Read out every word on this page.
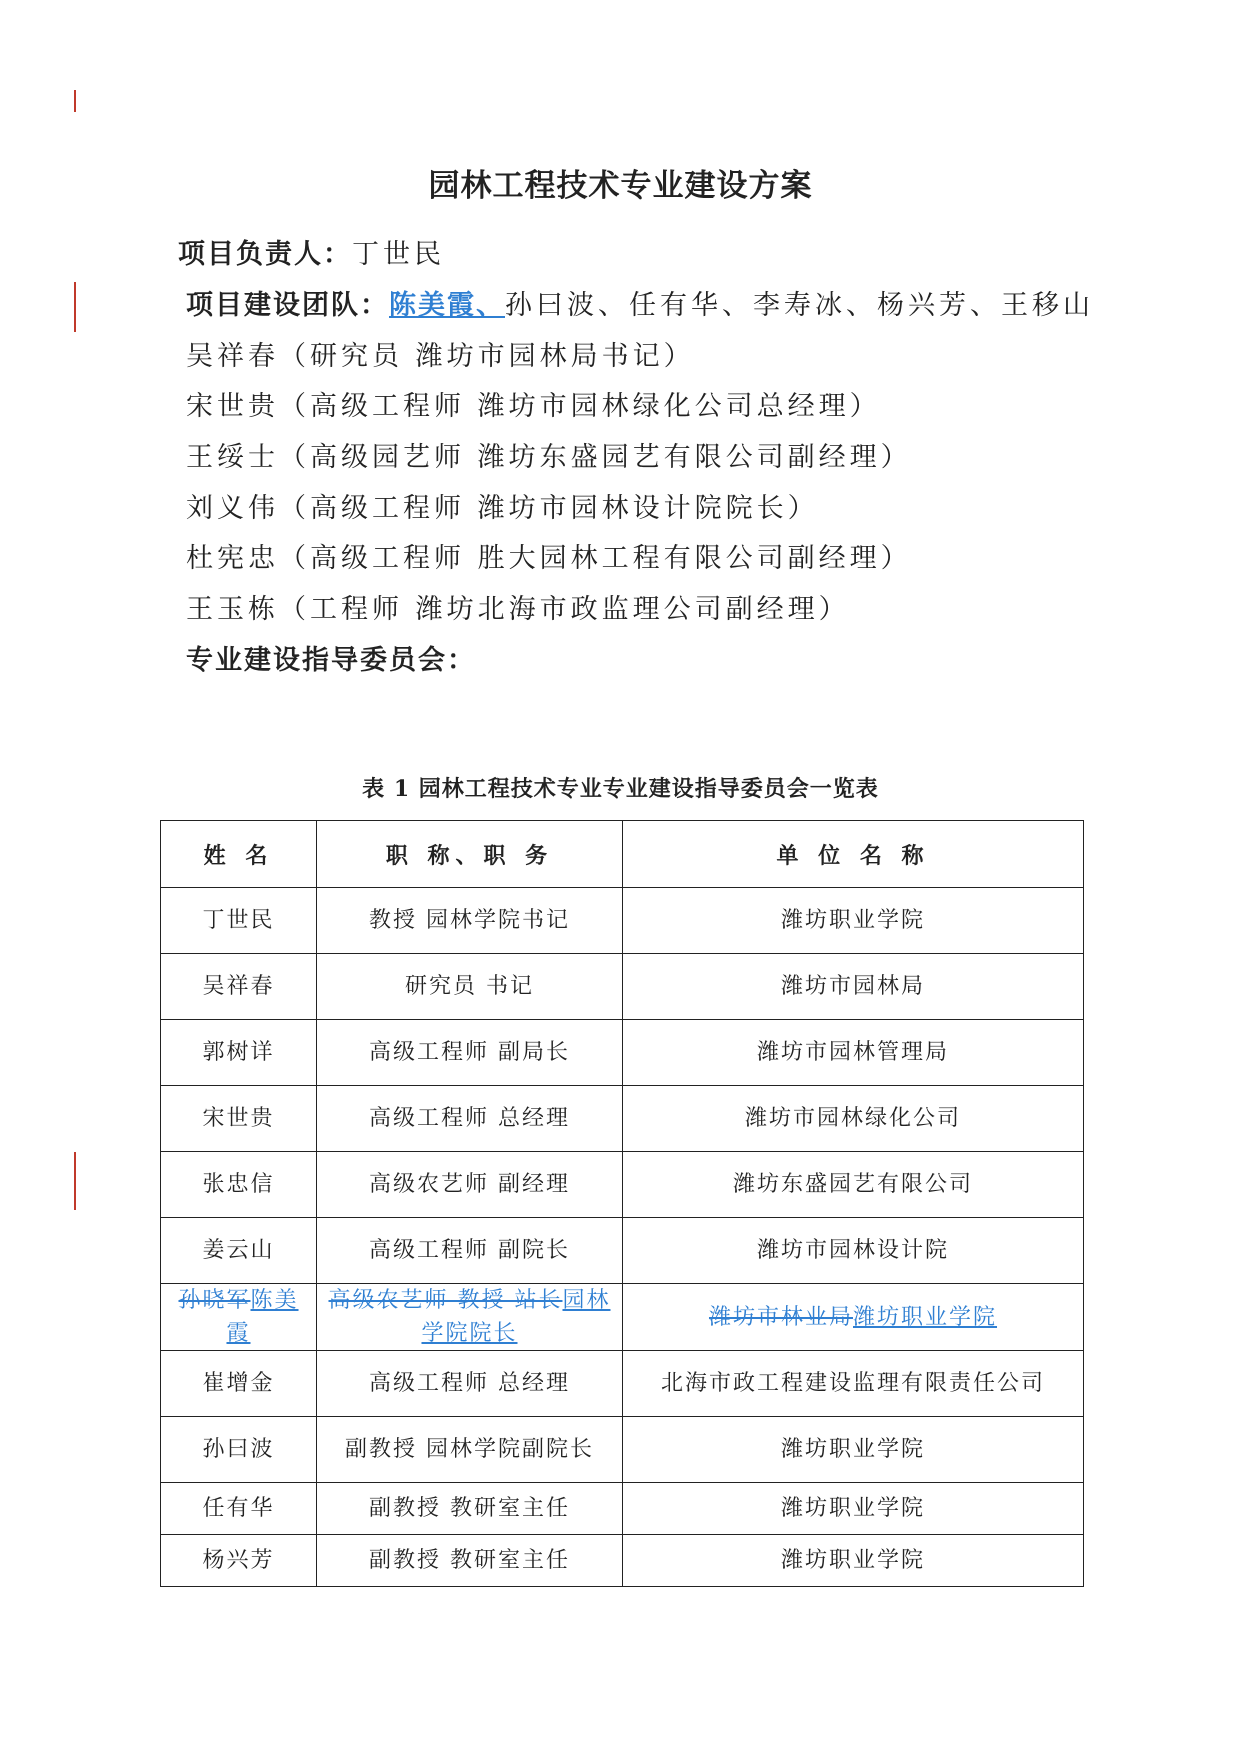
园林工程技术专业建设方案
项目负责人：丁世民
项目建设团队：陈美霞、孙曰波、任有华、李寿冰、杨兴芳、王移山
吴祥春（研究员 潍坊市园林局书记）
宋世贵（高级工程师 潍坊市园林绿化公司总经理）
王绥士（高级园艺师 潍坊东盛园艺有限公司副经理）
刘义伟（高级工程师 潍坊市园林设计院院长）
杜宪忠（高级工程师 胜大园林工程有限公司副经理）
王玉栋（工程师 潍坊北海市政监理公司副经理）
专业建设指导委员会：
表 1 园林工程技术专业专业建设指导委员会一览表
姓 名	职 称、职 务	单 位 名 称
丁世民	教授 园林学院书记	潍坊职业学院
吴祥春	研究员 书记	潍坊市园林局
郭树详	高级工程师 副局长	潍坊市园林管理局
宋世贵	高级工程师 总经理	潍坊市园林绿化公司
张忠信	高级农艺师 副经理	潍坊东盛园艺有限公司
姜云山	高级工程师 副院长	潍坊市园林设计院
孙晓军陈美霞	高级农艺师 教授 站长园林学院院长	潍坊市林业局潍坊职业学院
崔增金	高级工程师 总经理	北海市政工程建设监理有限责任公司
孙曰波	副教授 园林学院副院长	潍坊职业学院
任有华	副教授 教研室主任	潍坊职业学院
杨兴芳	副教授 教研室主任	潍坊职业学院
